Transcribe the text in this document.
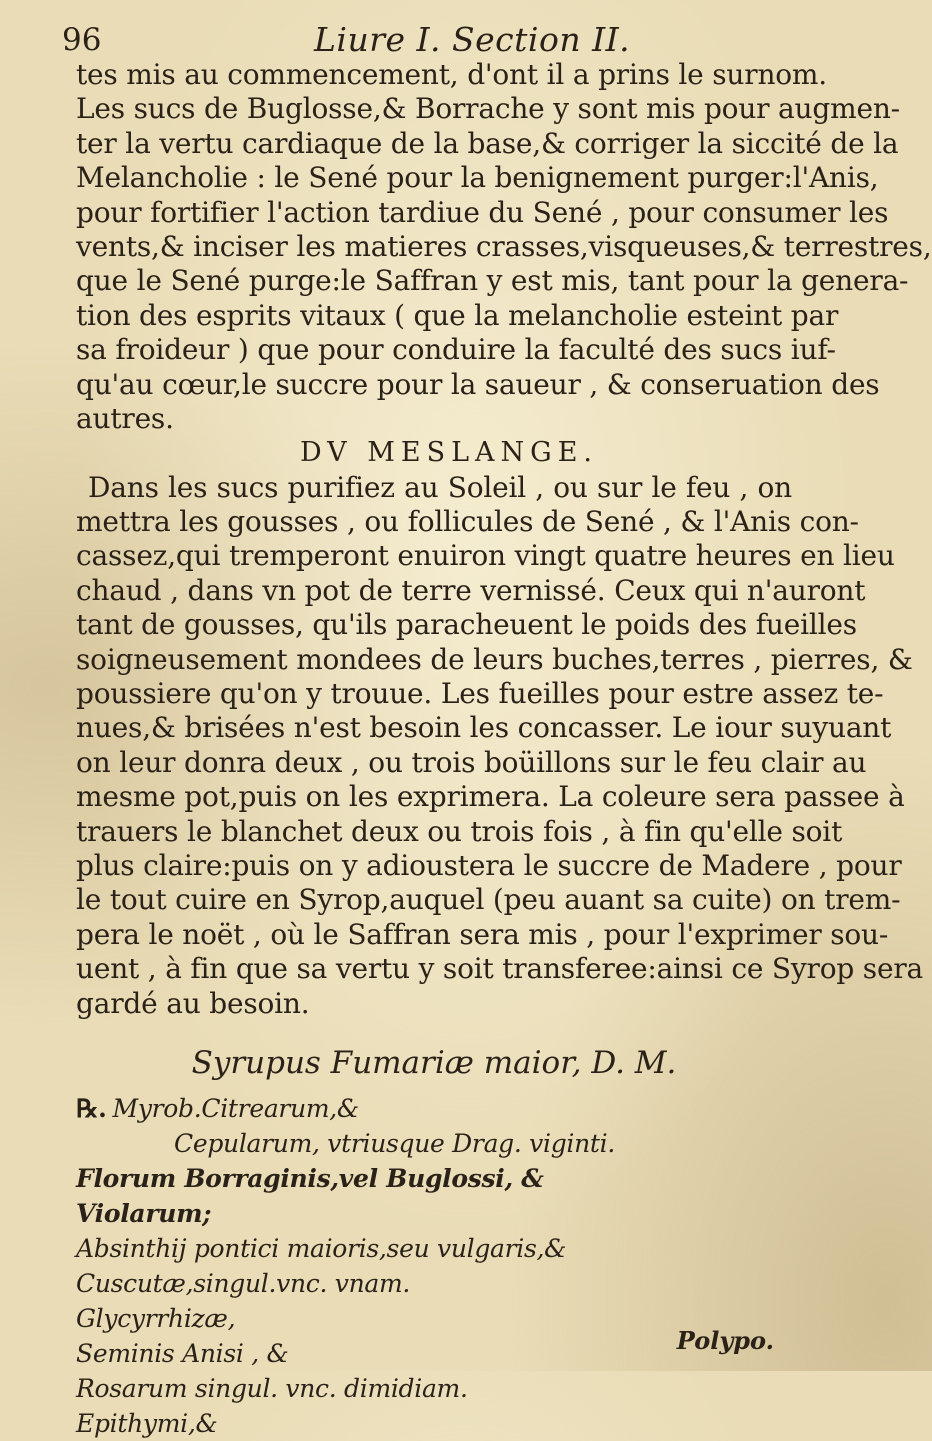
96	Liure I. Section II.
tes mis au commencement, d'ont il a prins le surnom.
Les sucs de Buglosse,& Borrache y sont mis pour augmen-
ter la vertu cardiaque de la base,& corriger la siccité de la
Melancholie : le Sené pour la benignement purger:l'Anis,
pour fortifier l'action tardiue du Sené , pour consumer les
vents,& inciser les matieres crasses,visqueuses,& terrestres,
que le Sené purge:le Saffran y est mis, tant pour la genera-
tion des esprits vitaux ( que la melancholie esteint par
sa froideur ) que pour conduire la faculté des sucs iuf-
qu'au cœur,le succre pour la saueur , & conseruation des
autres.
DV MESLANGE.
Dans les sucs purifiez au Soleil , ou sur le feu , on
mettra les gousses , ou follicules de Sené , & l'Anis con-
cassez,qui tremperont enuiron vingt quatre heures en lieu
chaud , dans vn pot de terre vernissé. Ceux qui n'auront
tant de gousses, qu'ils paracheuent le poids des fueilles
soigneusement mondees de leurs buches,terres , pierres, &
poussiere qu'on y trouue. Les fueilles pour estre assez te-
nues,& brisées n'est besoin les concasser. Le iour suyuant
on leur donra deux , ou trois boüillons sur le feu clair au
mesme pot,puis on les exprimera. La coleure sera passee à
trauers le blanchet deux ou trois fois , à fin qu'elle soit
plus claire:puis on y adioustera le succre de Madere , pour
le tout cuire en Syrop,auquel (peu auant sa cuite) on trem-
pera le noët , où le Saffran sera mis , pour l'exprimer sou-
uent , à fin que sa vertu y soit transferee:ainsi ce Syrop sera
gardé au besoin.
Syrupus Fumariæ maior, D. M.
℞. Myrob.Citrearum,&
Cepularum, vtriusque Drag. viginti.
Florum Borraginis,vel Buglossi, &
Violarum;
Absinthij pontici maioris,seu vulgaris,&
Cuscutæ,singul.vnc. vnam.
Glycyrrhizæ,
Seminis Anisi , &
Rosarum singul. vnc. dimidiam.
Epithymi,&
Polypo.
